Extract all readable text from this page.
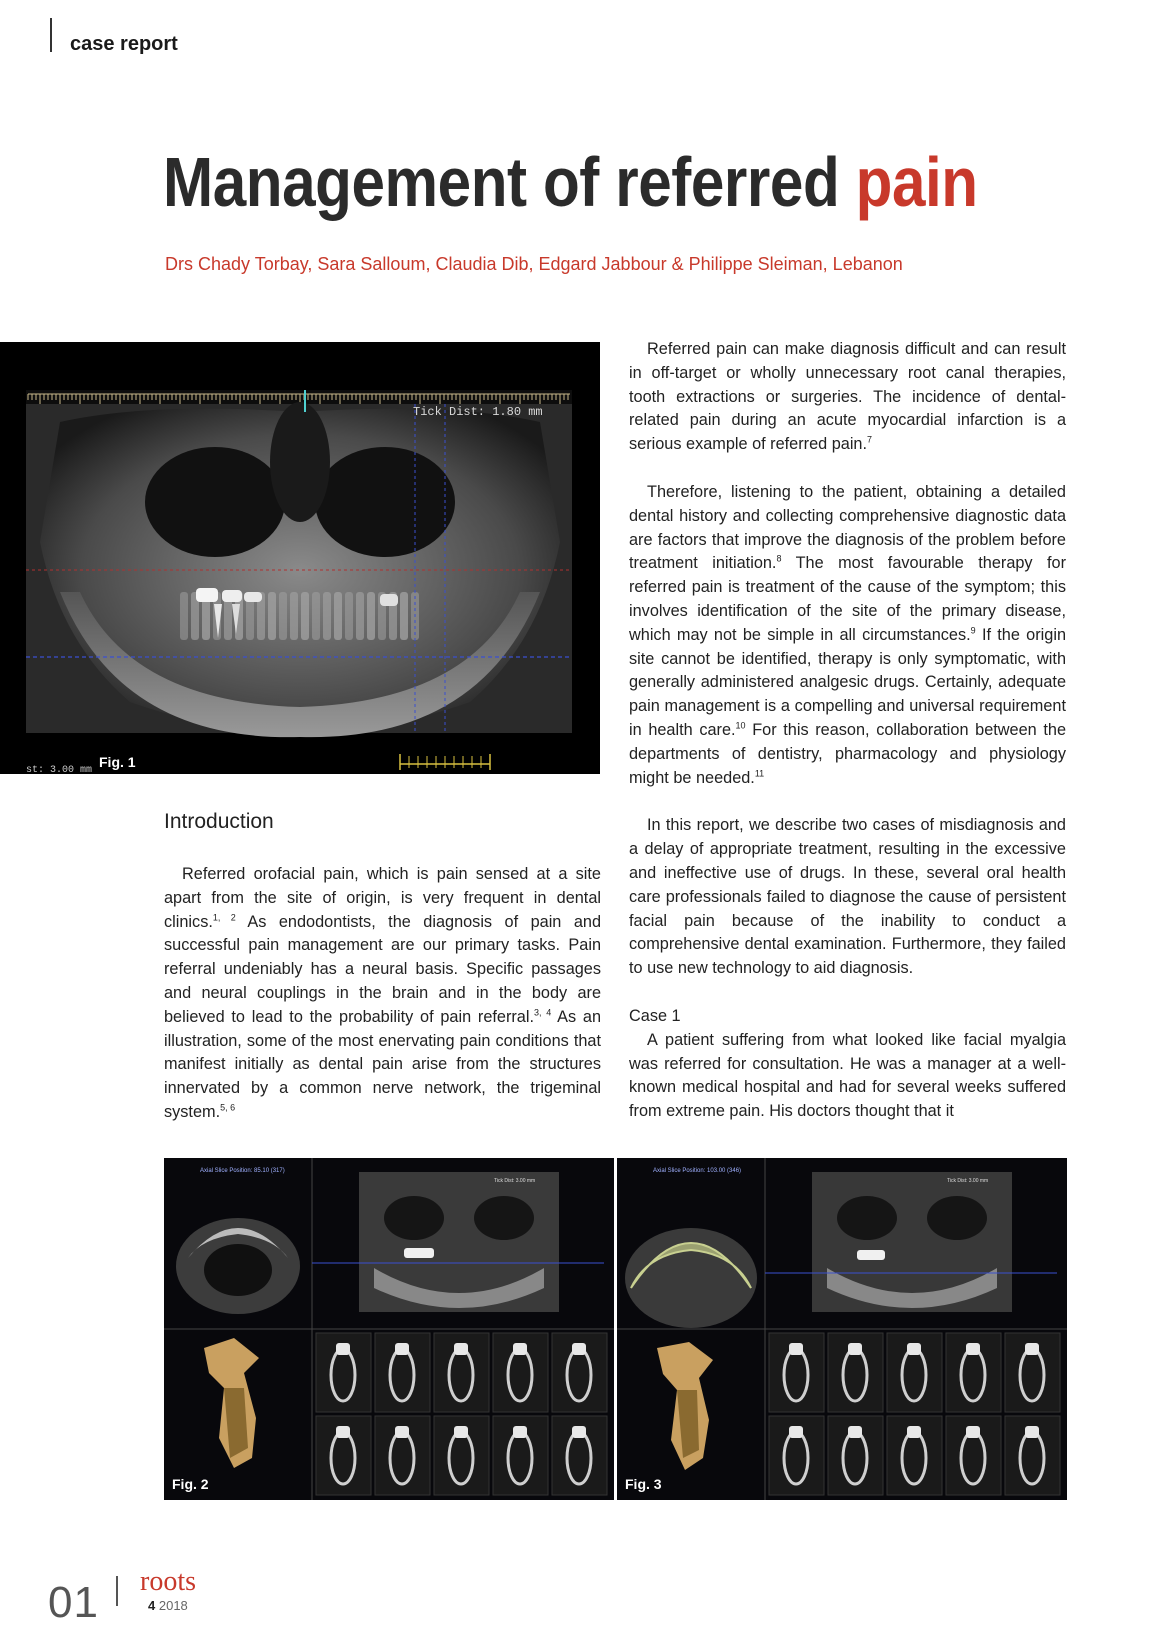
case report
Management of referred pain
Drs Chady Torbay, Sara Salloum, Claudia Dib, Edgard Jabbour & Philippe Sleiman, Lebanon
Tick Dist: 1.80 mm
st: 3.00 mm
Fig. 1
Introduction

Referred orofacial pain, which is pain sensed at a site apart from the site of origin, is very frequent in dental clinics.$^{1, 2}$ As endodontists, the diagnosis of pain and successful pain management are our primary tasks. Pain referral undeniably has a neural basis. Specific passages and neural couplings in the brain and in the body are believed to lead to the probability of pain referral.$^{3, 4}$ As an illustration, some of the most enervating pain conditions that manifest initially as dental pain arise from the structures innervated by a common nerve network, the trigeminal system.$^{5, 6}$

Referred pain can make diagnosis difficult and can result in off-target or wholly unnecessary root canal therapies, tooth extractions or surgeries. The incidence of dental-related pain during an acute myocardial infarction is a serious example of referred pain.$^7$

Therefore, listening to the patient, obtaining a detailed dental history and collecting comprehensive diagnostic data are factors that improve the diagnosis of the problem before treatment initiation.$^8$ The most favourable therapy for referred pain is treatment of the cause of the symptom; this involves identification of the site of the primary disease, which may not be simple in all circumstances.$^9$ If the origin site cannot be identified, therapy is only symptomatic, with generally administered analgesic drugs. Certainly, adequate pain management is a compelling and universal requirement in health care.$^{10}$ For this reason, collaboration between the departments of dentistry, pharmacology and physiology might be needed.$^{11}$

In this report, we describe two cases of misdiagnosis and a delay of appropriate treatment, resulting in the excessive and ineffective use of drugs. In these, several oral health care professionals failed to diagnose the cause of persistent facial pain because of the inability to conduct a comprehensive dental examination. Furthermore, they failed to use new technology to aid diagnosis.

Case 1

A patient suffering from what looked like facial myalgia was referred for consultation. He was a manager at a well-known medical hospital and had for several weeks suffered from extreme pain. His doctors thought that it

Axial Slice Position: 85.10 (317)
Tick Dist: 3.00 mm
Fig. 2
Axial Slice Position: 103.00 (346)
Tick Dist: 3.00 mm
Fig. 3
01 roots
4 2018
